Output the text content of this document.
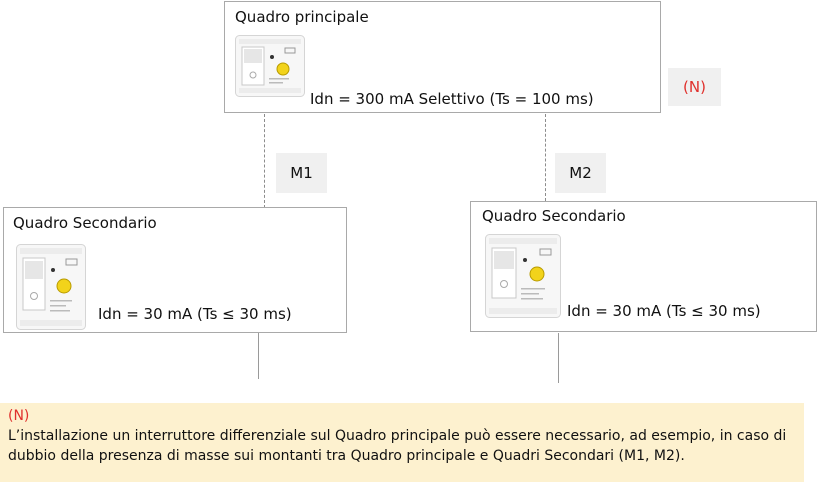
Quadro principale
Idn = 300 mA Selettivo (Ts = 100 ms)
(N)
M1	M2
Quadro Secondario
Idn = 30 mA (Ts ≤ 30 ms)
Quadro Secondario
Idn = 30 mA (Ts ≤ 30 ms)
(N)
L’installazione un interruttore differenziale sul Quadro principale può essere necessario, ad esempio, in caso di dubbio della presenza di masse sui montanti tra Quadro principale e Quadri Secondari (M1, M2).
